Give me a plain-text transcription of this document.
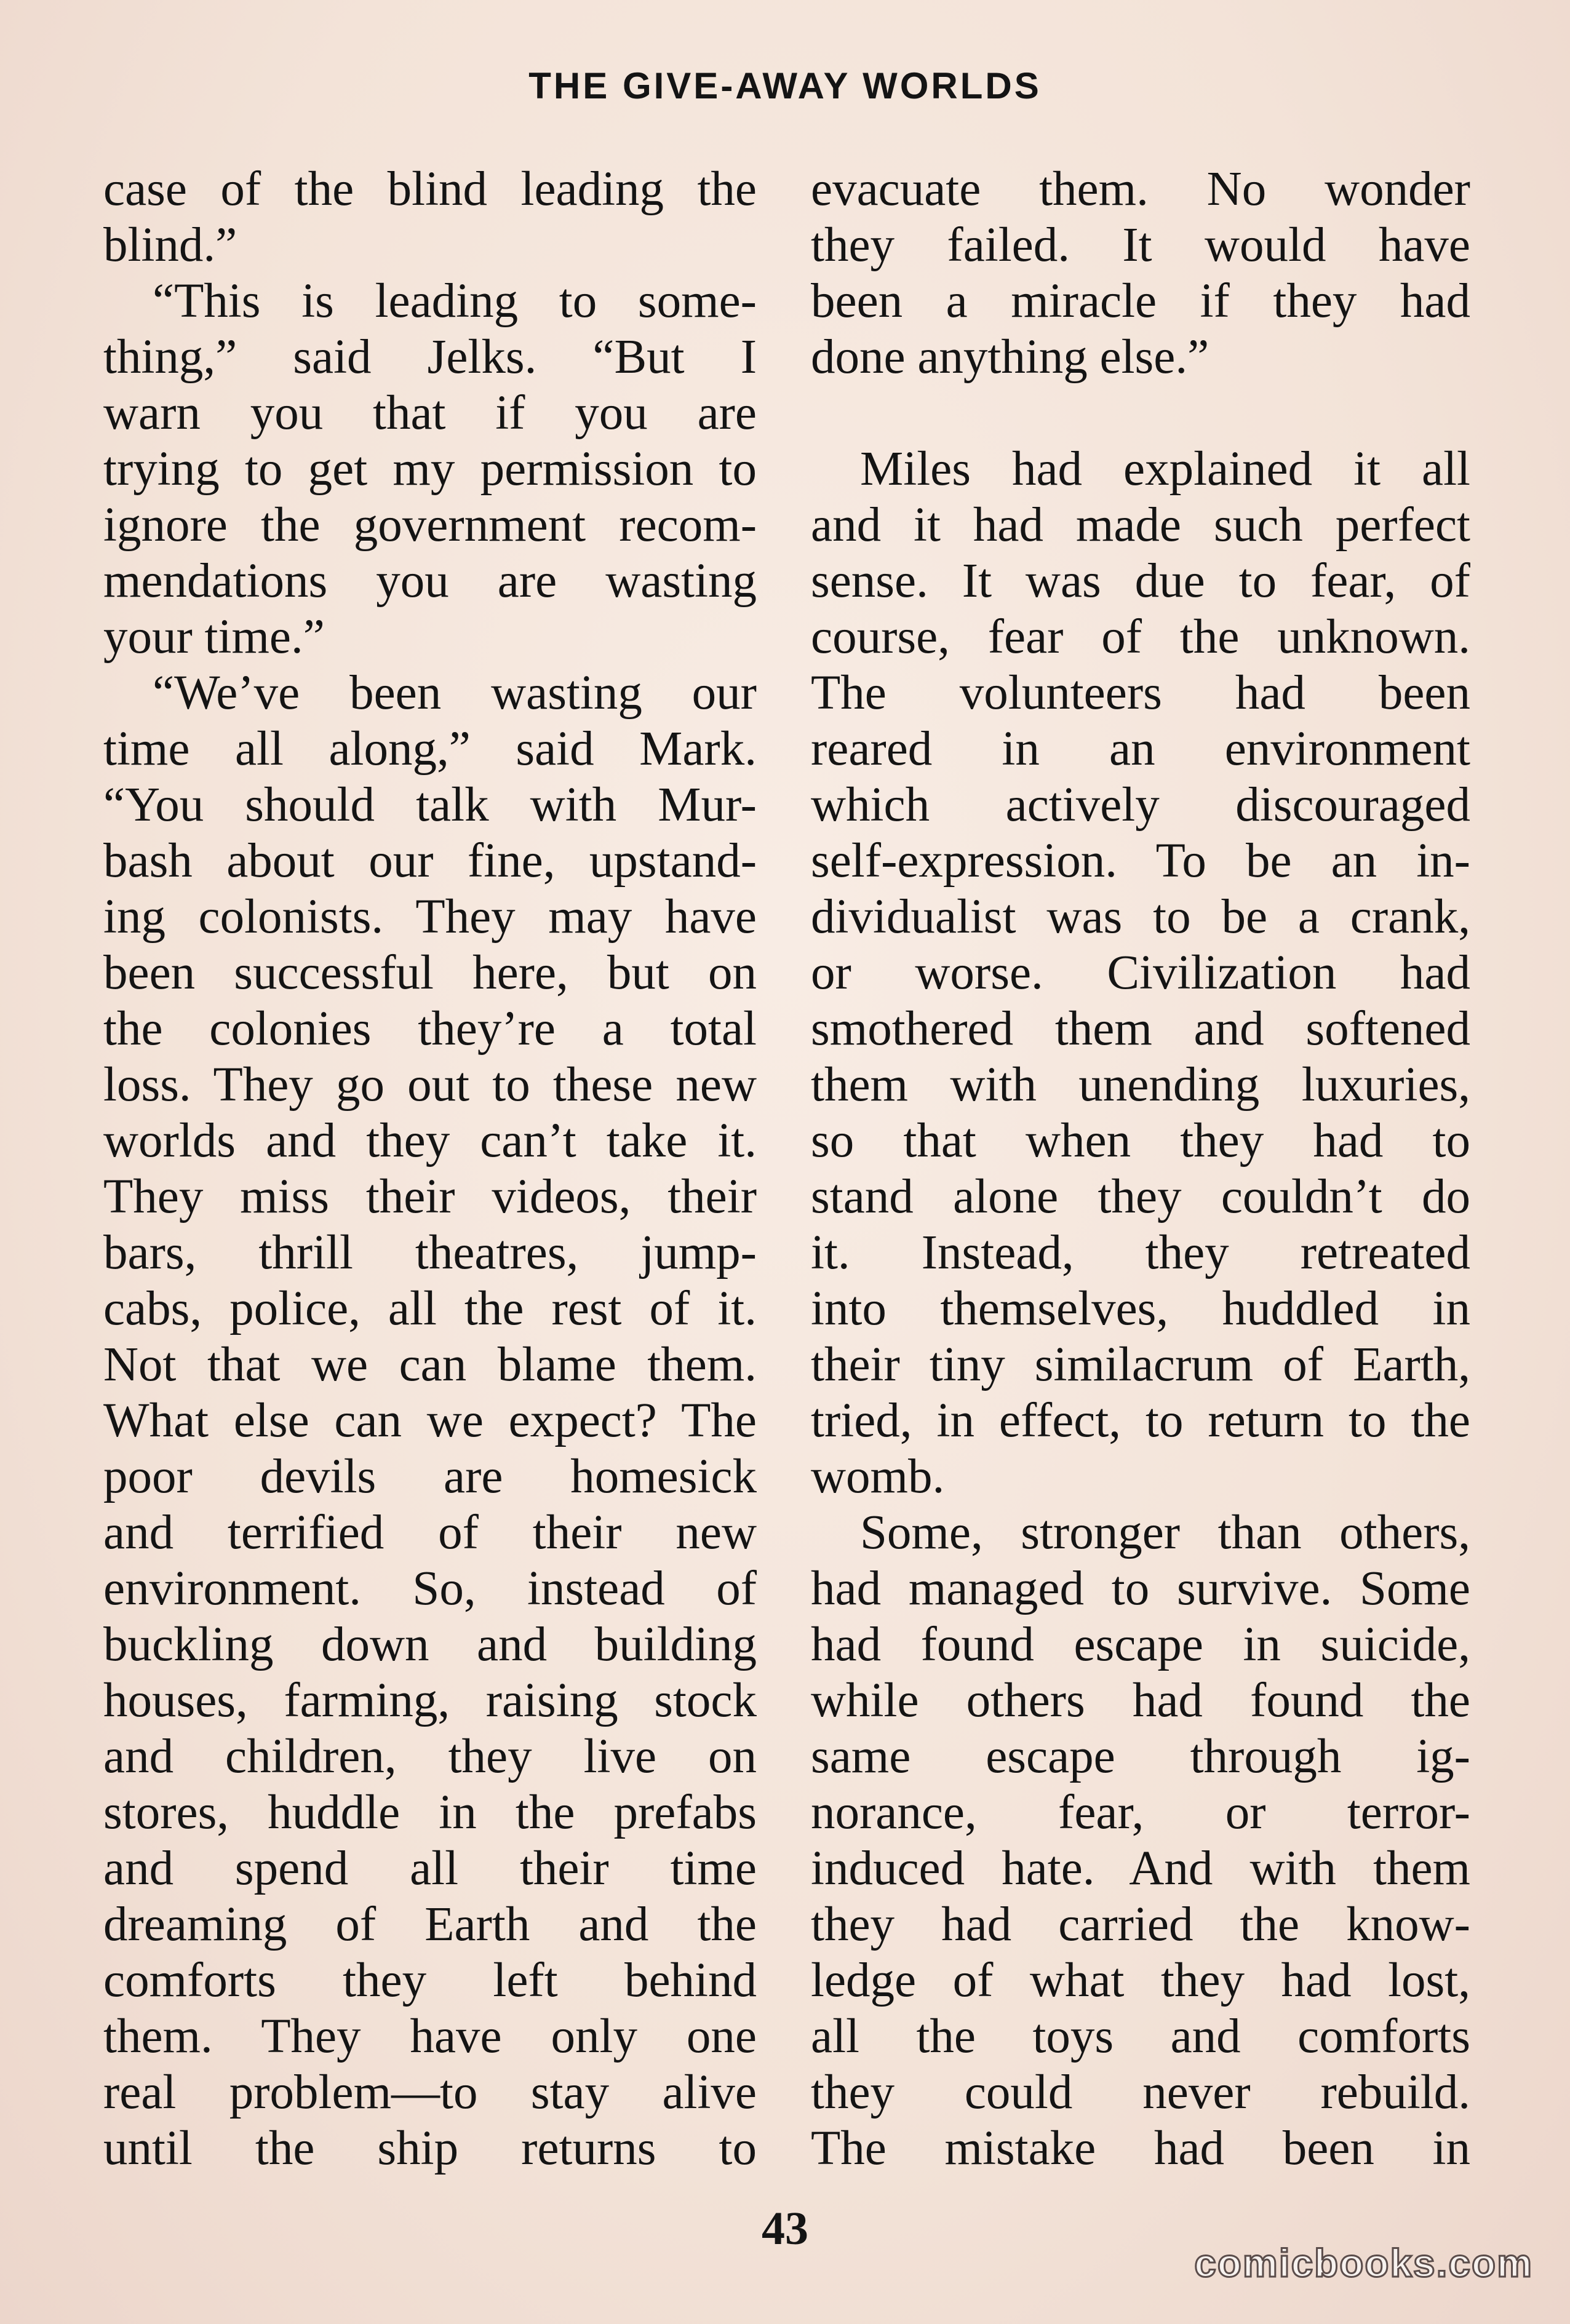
THE GIVE-AWAY WORLDS
case of the blind leading the
blind.”
“This is leading to some-
thing,” said Jelks. “But I
warn you that if you are
trying to get my permission to
ignore the government recom-
mendations you are wasting
your time.”
“We’ve been wasting our
time all along,” said Mark.
“You should talk with Mur-
bash about our fine, upstand-
ing colonists. They may have
been successful here, but on
the colonies they’re a total
loss. They go out to these new
worlds and they can’t take it.
They miss their videos, their
bars, thrill theatres, jump-
cabs, police, all the rest of it.
Not that we can blame them.
What else can we expect? The
poor devils are homesick
and terrified of their new
environment. So, instead of
buckling down and building
houses, farming, raising stock
and children, they live on
stores, huddle in the prefabs
and spend all their time
dreaming of Earth and the
comforts they left behind
them. They have only one
real problem—to stay alive
until the ship returns to
evacuate them. No wonder
they failed. It would have
been a miracle if they had
done anything else.”
Miles had explained it all
and it had made such perfect
sense. It was due to fear, of
course, fear of the unknown.
The volunteers had been
reared in an environment
which actively discouraged
self-expression. To be an in-
dividualist was to be a crank,
or worse. Civilization had
smothered them and softened
them with unending luxuries,
so that when they had to
stand alone they couldn’t do
it. Instead, they retreated
into themselves, huddled in
their tiny similacrum of Earth,
tried, in effect, to return to the
womb.
Some, stronger than others,
had managed to survive. Some
had found escape in suicide,
while others had found the
same escape through ig-
norance, fear, or terror-
induced hate. And with them
they had carried the know-
ledge of what they had lost,
all the toys and comforts
they could never rebuild.
The mistake had been in
43
comicbooks.com
